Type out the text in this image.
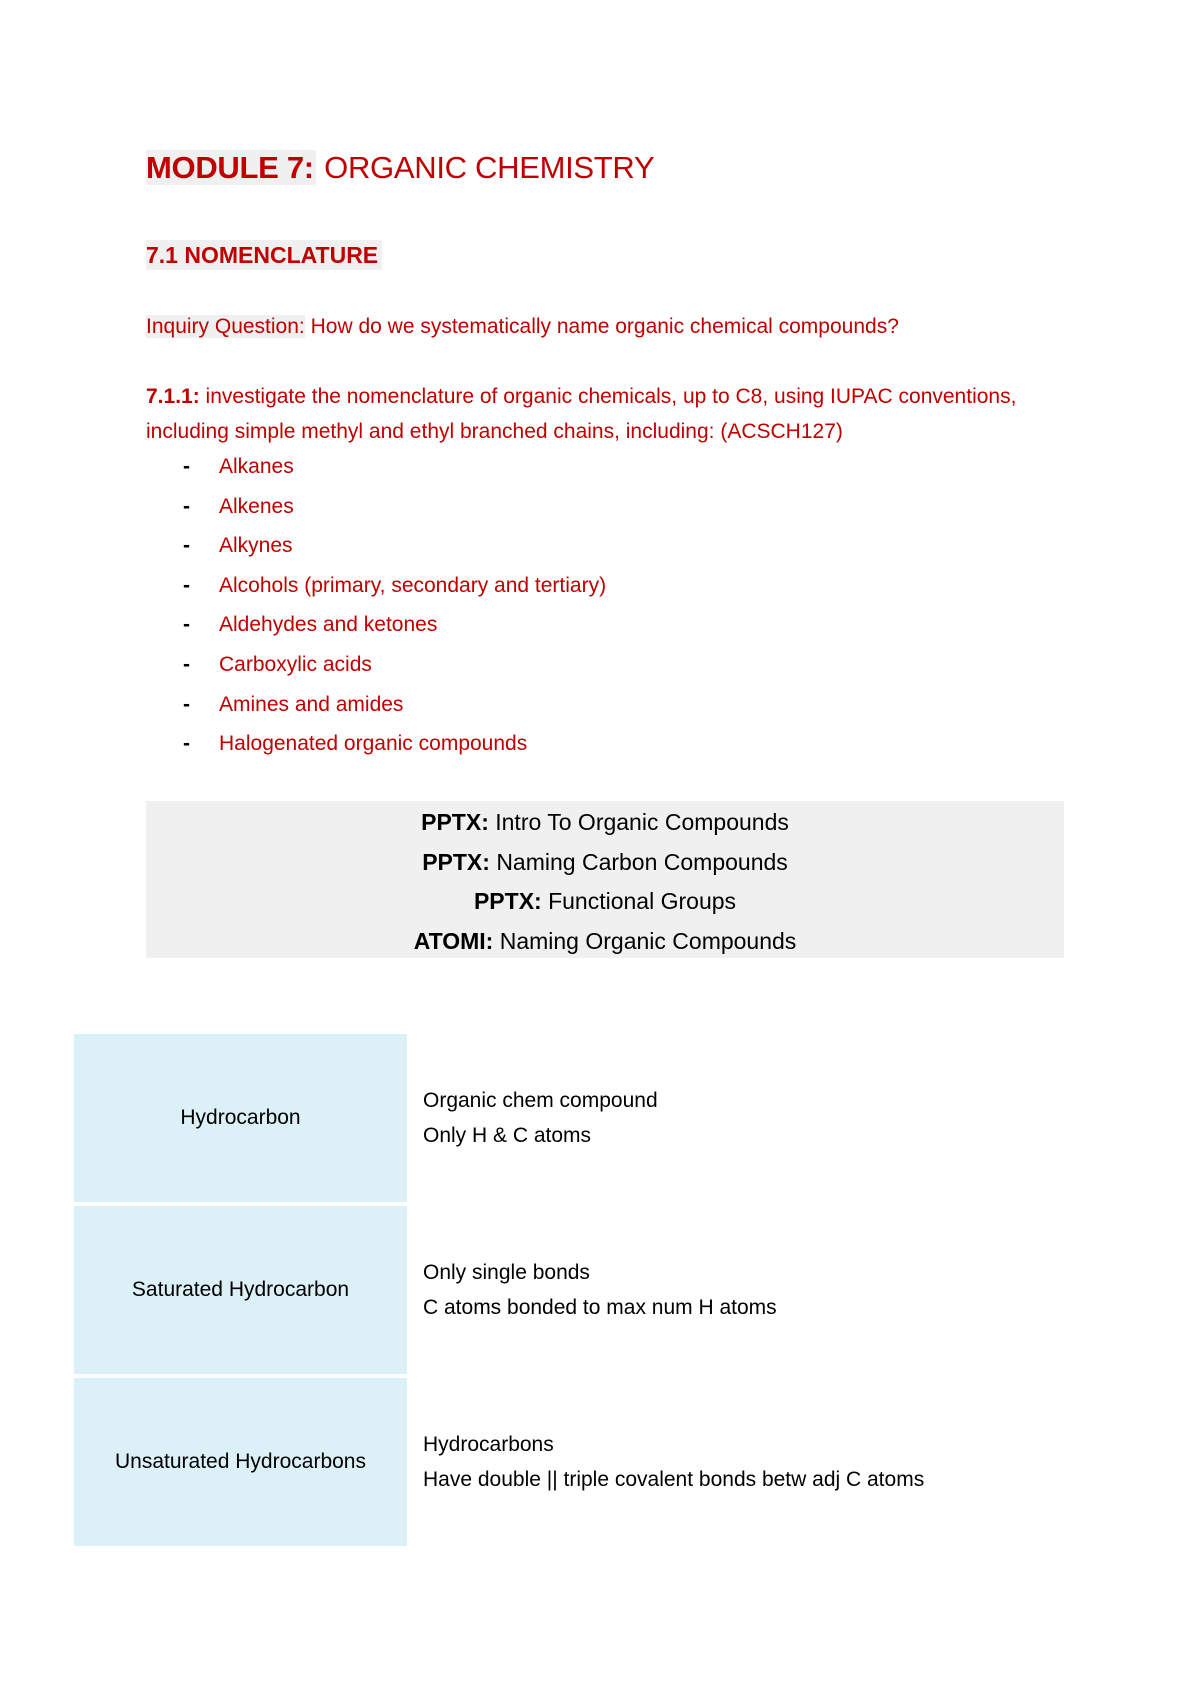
MODULE 7: ORGANIC CHEMISTRY
7.1 NOMENCLATURE
Inquiry Question: How do we systematically name organic chemical compounds?
7.1.1: investigate the nomenclature of organic chemicals, up to C8, using IUPAC conventions, including simple methyl and ethyl branched chains, including: (ACSCH127)
- Alkanes
- Alkenes
- Alkynes
- Alcohols (primary, secondary and tertiary)
- Aldehydes and ketones
- Carboxylic acids
- Amines and amides
- Halogenated organic compounds
PPTX: Intro To Organic Compounds
PPTX: Naming Carbon Compounds
PPTX: Functional Groups
ATOMI: Naming Organic Compounds
Hydrocarbon
Organic chem compound
Only H & C atoms
Saturated Hydrocarbon
Only single bonds
C atoms bonded to max num H atoms
Unsaturated Hydrocarbons
Hydrocarbons
Have double || triple covalent bonds betw adj C atoms
